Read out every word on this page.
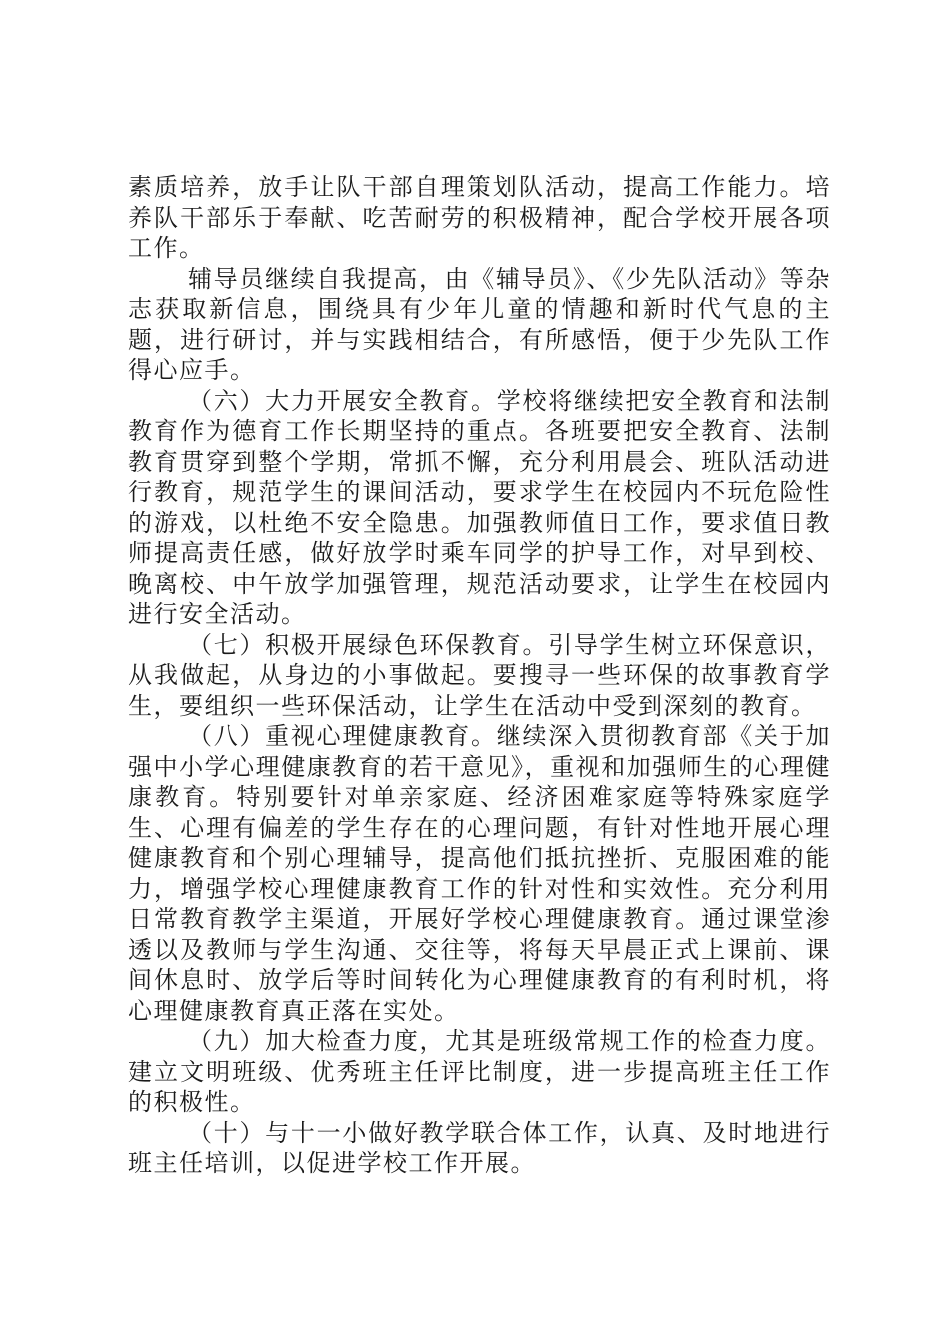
素质培养，放手让队干部自理策划队活动，提高工作能力。培养队干部乐于奉献、吃苦耐劳的积极精神，配合学校开展各项工作。

辅导员继续自我提高，由《辅导员》、《少先队活动》等杂志获取新信息，围绕具有少年儿童的情趣和新时代气息的主题，进行研讨，并与实践相结合，有所感悟，便于少先队工作得心应手。

（六）大力开展安全教育。学校将继续把安全教育和法制教育作为德育工作长期坚持的重点。各班要把安全教育、法制教育贯穿到整个学期，常抓不懈，充分利用晨会、班队活动进行教育，规范学生的课间活动，要求学生在校园内不玩危险性的游戏，以杜绝不安全隐患。加强教师值日工作，要求值日教师提高责任感，做好放学时乘车同学的护导工作，对早到校、晚离校、中午放学加强管理，规范活动要求，让学生在校园内进行安全活动。

（七）积极开展绿色环保教育。引导学生树立环保意识，从我做起，从身边的小事做起。要搜寻一些环保的故事教育学生，要组织一些环保活动，让学生在活动中受到深刻的教育。

（八）重视心理健康教育。继续深入贯彻教育部《关于加强中小学心理健康教育的若干意见》，重视和加强师生的心理健康教育。特别要针对单亲家庭、经济困难家庭等特殊家庭学生、心理有偏差的学生存在的心理问题，有针对性地开展心理健康教育和个别心理辅导，提高他们抵抗挫折、克服困难的能力，增强学校心理健康教育工作的针对性和实效性。充分利用日常教育教学主渠道，开展好学校心理健康教育。通过课堂渗透以及教师与学生沟通、交往等，将每天早晨正式上课前、课间休息时、放学后等时间转化为心理健康教育的有利时机，将心理健康教育真正落在实处。

（九）加大检查力度，尤其是班级常规工作的检查力度。建立文明班级、优秀班主任评比制度，进一步提高班主任工作的积极性。

（十）与十一小做好教学联合体工作，认真、及时地进行班主任培训，以促进学校工作开展。
